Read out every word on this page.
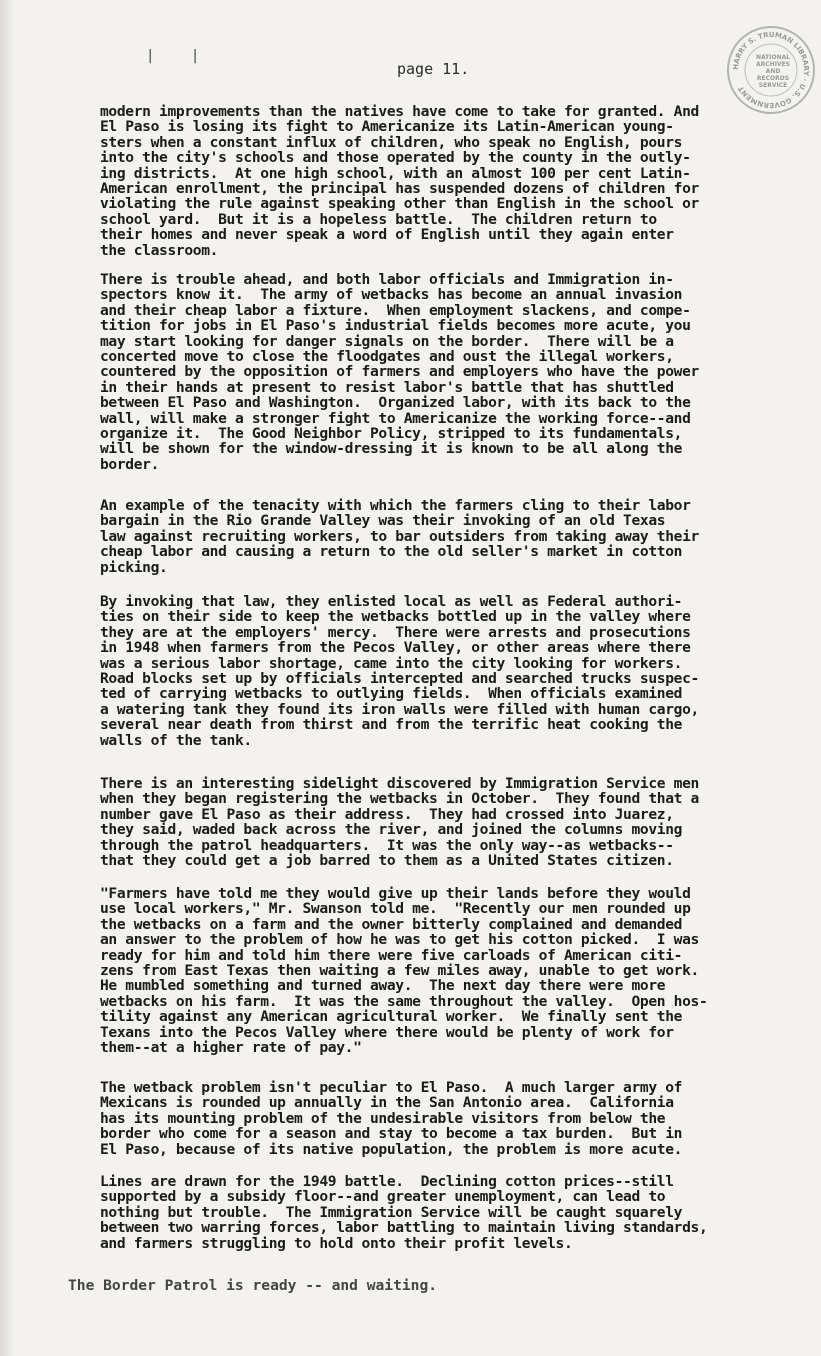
| |
page 11.	HARRY S. TRUMAN LIBRARY · U.S. GOVERNMENT
NATIONAL ARCHIVES AND RECORDS SERVICE

modern improvements than the natives have come to take for granted. And
El Paso is losing its fight to Americanize its Latin-American young-
sters when a constant influx of children, who speak no English, pours
into the city's schools and those operated by the county in the outly-
ing districts.  At one high school, with an almost 100 per cent Latin-
American enrollment, the principal has suspended dozens of children for
violating the rule against speaking other than English in the school or
school yard.  But it is a hopeless battle.  The children return to
their homes and never speak a word of English until they again enter
the classroom.

There is trouble ahead, and both labor officials and Immigration in-
spectors know it.  The army of wetbacks has become an annual invasion
and their cheap labor a fixture.  When employment slackens, and compe-
tition for jobs in El Paso's industrial fields becomes more acute, you
may start looking for danger signals on the border.  There will be a
concerted move to close the floodgates and oust the illegal workers,
countered by the opposition of farmers and employers who have the power
in their hands at present to resist labor's battle that has shuttled
between El Paso and Washington.  Organized labor, with its back to the
wall, will make a stronger fight to Americanize the working force--and
organize it.  The Good Neighbor Policy, stripped to its fundamentals,
will be shown for the window-dressing it is known to be all along the
border.

An example of the tenacity with which the farmers cling to their labor
bargain in the Rio Grande Valley was their invoking of an old Texas
law against recruiting workers, to bar outsiders from taking away their
cheap labor and causing a return to the old seller's market in cotton
picking.

By invoking that law, they enlisted local as well as Federal authori-
ties on their side to keep the wetbacks bottled up in the valley where
they are at the employers' mercy.  There were arrests and prosecutions
in 1948 when farmers from the Pecos Valley, or other areas where there
was a serious labor shortage, came into the city looking for workers.
Road blocks set up by officials intercepted and searched trucks suspec-
ted of carrying wetbacks to outlying fields.  When officials examined
a watering tank they found its iron walls were filled with human cargo,
several near death from thirst and from the terrific heat cooking the
walls of the tank.

There is an interesting sidelight discovered by Immigration Service men
when they began registering the wetbacks in October.  They found that a
number gave El Paso as their address.  They had crossed into Juarez,
they said, waded back across the river, and joined the columns moving
through the patrol headquarters.  It was the only way--as wetbacks--
that they could get a job barred to them as a United States citizen.

"Farmers have told me they would give up their lands before they would
use local workers," Mr. Swanson told me.  "Recently our men rounded up
the wetbacks on a farm and the owner bitterly complained and demanded
an answer to the problem of how he was to get his cotton picked.  I was
ready for him and told him there were five carloads of American citi-
zens from East Texas then waiting a few miles away, unable to get work.
He mumbled something and turned away.  The next day there were more
wetbacks on his farm.  It was the same throughout the valley.  Open hos-
tility against any American agricultural worker.  We finally sent the
Texans into the Pecos Valley where there would be plenty of work for
them--at a higher rate of pay."

The wetback problem isn't peculiar to El Paso.  A much larger army of
Mexicans is rounded up annually in the San Antonio area.  California
has its mounting problem of the undesirable visitors from below the
border who come for a season and stay to become a tax burden.  But in
El Paso, because of its native population, the problem is more acute.

Lines are drawn for the 1949 battle.  Declining cotton prices--still
supported by a subsidy floor--and greater unemployment, can lead to
nothing but trouble.  The Immigration Service will be caught squarely
between two warring forces, labor battling to maintain living standards,
and farmers struggling to hold onto their profit levels.

The Border Patrol is ready -- and waiting.
